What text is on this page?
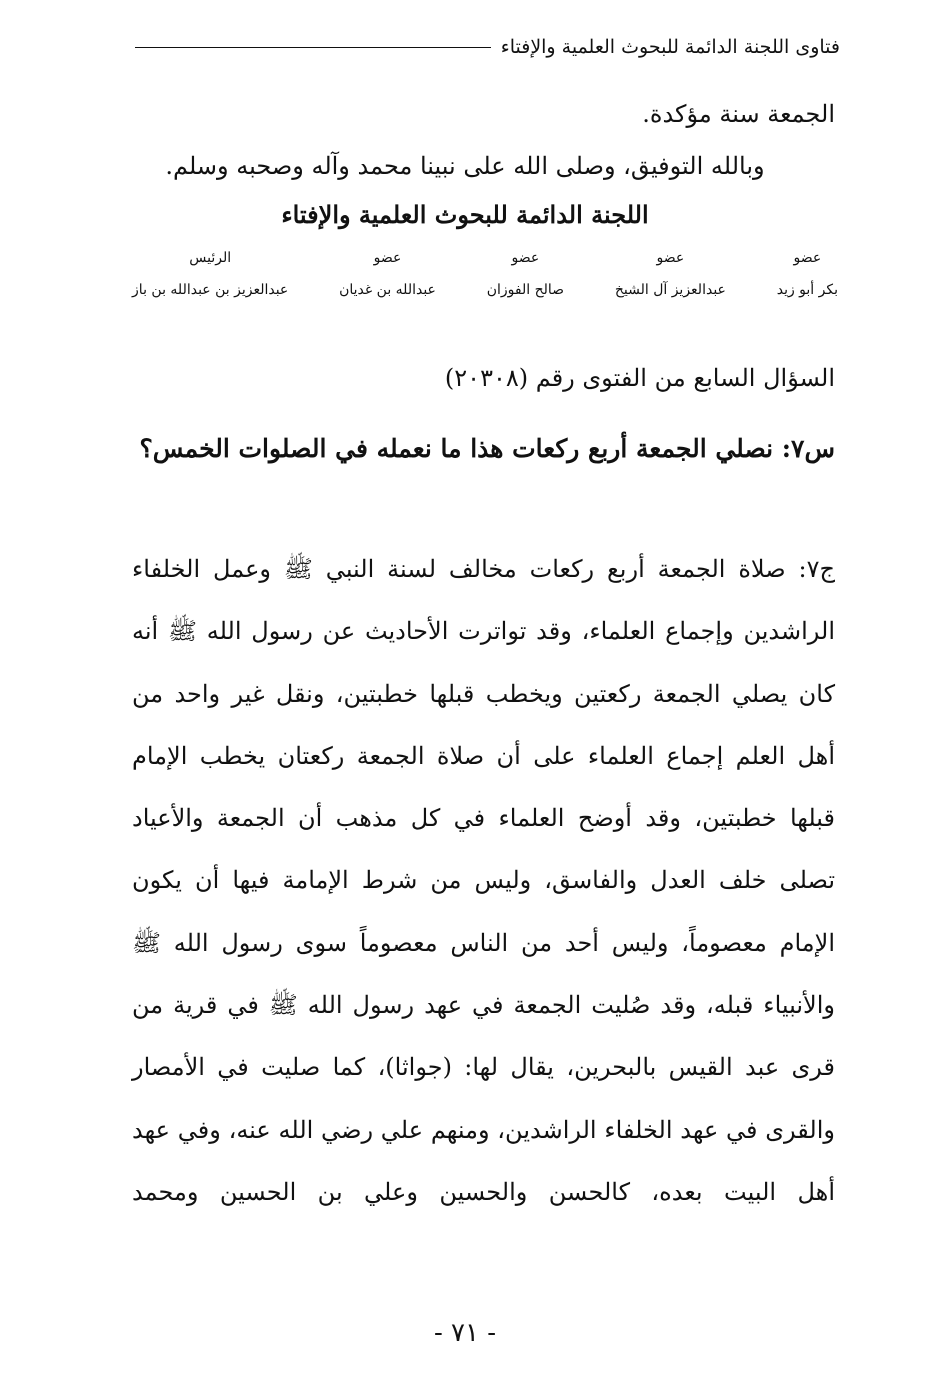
فتاوى اللجنة الدائمة للبحوث العلمية والإفتاء
الجمعة سنة مؤكدة.
وبالله التوفيق، وصلى الله على نبينا محمد وآله وصحبه وسلم.
اللجنة الدائمة للبحوث العلمية والإفتاء
عضو
بكر أبو زيد
عضو
عبدالعزيز آل الشيخ
عضو
صالح الفوزان
عضو
عبدالله بن غديان
الرئيس
عبدالعزيز بن عبدالله بن باز
السؤال السابع من الفتوى رقم (٢٠٣٠٨)
س٧: نصلي الجمعة أربع ركعات هذا ما نعمله في الصلوات الخمس؟
ج٧: صلاة الجمعة أربع ركعات مخالف لسنة النبي ﷺ وعمل الخلفاء الراشدين وإجماع العلماء، وقد تواترت الأحاديث عن رسول الله ﷺ أنه كان يصلي الجمعة ركعتين ويخطب قبلها خطبتين، ونقل غير واحد من أهل العلم إجماع العلماء على أن صلاة الجمعة ركعتان يخطب الإمام قبلها خطبتين، وقد أوضح العلماء في كل مذهب أن الجمعة والأعياد تصلى خلف العدل والفاسق، وليس من شرط الإمامة فيها أن يكون الإمام معصوماً، وليس أحد من الناس معصوماً سوى رسول الله ﷺ والأنبياء قبله، وقد صُليت الجمعة في عهد رسول الله ﷺ في قرية من قرى عبد القيس بالبحرين، يقال لها: (جواثا)، كما صليت في الأمصار والقرى في عهد الخلفاء الراشدين، ومنهم علي رضي الله عنه، وفي عهد أهل البيت بعده، كالحسن والحسين وعلي بن الحسين ومحمد
- ٧١ -
